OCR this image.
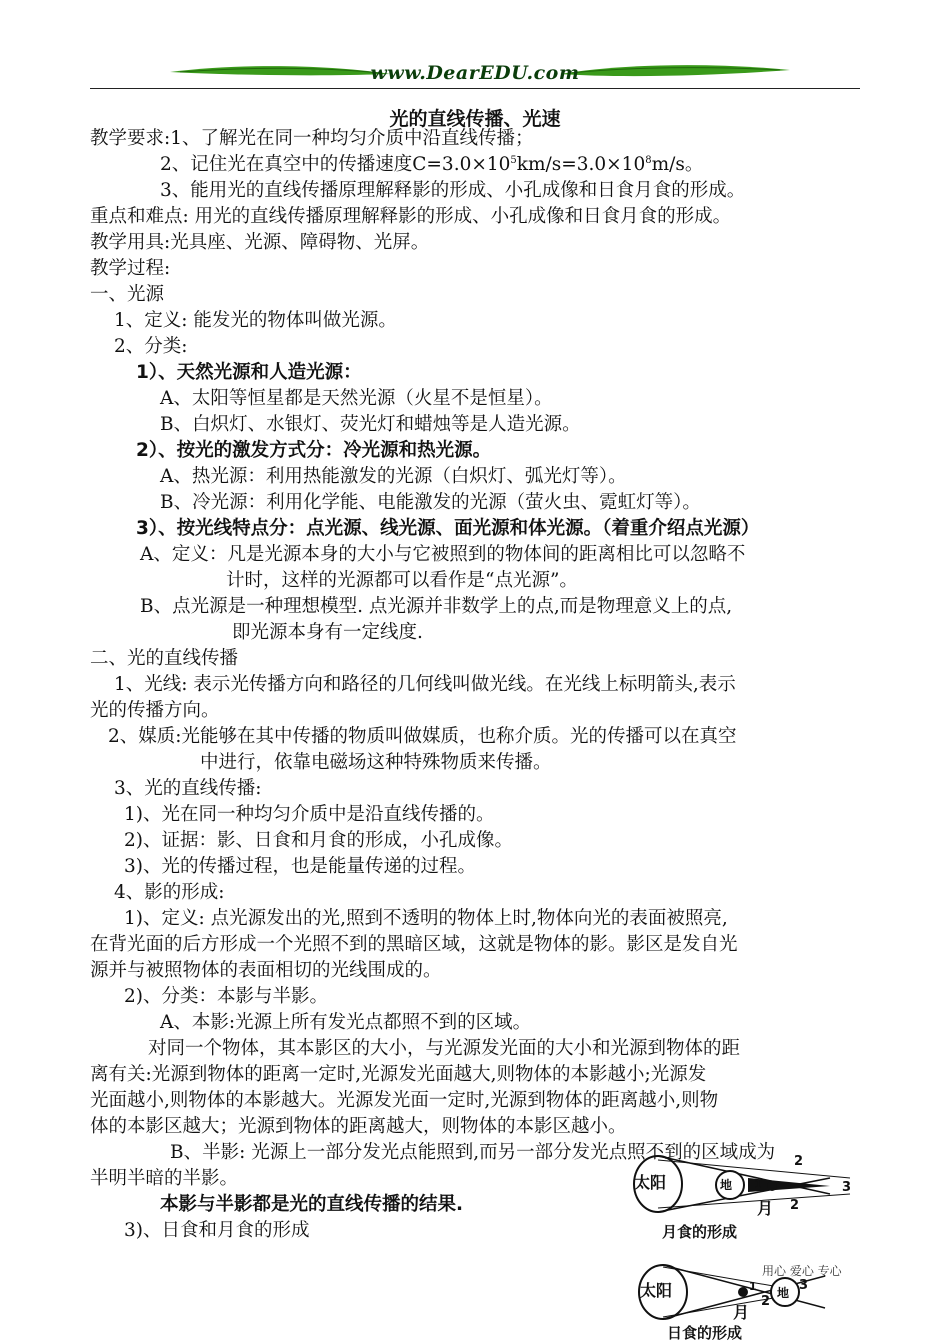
www.DearEDU.com
光的直线传播、光速
教学要求:1、了解光在同一种均匀介质中沿直线传播；
2、记住光在真空中的传播速度$C=3.0\times 10^5km/s=3.0\times 10^8m/s$。
3、能用光的直线传播原理解释影的形成、小孔成像和日食月食的形成。
重点和难点: 用光的直线传播原理解释影的形成、小孔成像和日食月食的形成。
教学用具:光具座、光源、障碍物、光屏。
教学过程:
一、光源
1、定义: 能发光的物体叫做光源。
2、分类:
1）、天然光源和人造光源：
A、太阳等恒星都是天然光源（火星不是恒星）。
B、白炽灯、水银灯、荧光灯和蜡烛等是人造光源。
2）、按光的激发方式分：冷光源和热光源。
A、热光源：利用热能激发的光源（白炽灯、弧光灯等）。
B、冷光源：利用化学能、电能激发的光源（萤火虫、霓虹灯等）。
3）、按光线特点分：点光源、线光源、面光源和体光源。（着重介绍点光源）
A、定义：凡是光源本身的大小与它被照到的物体间的距离相比可以忽略不
计时，这样的光源都可以看作是“点光源”。
B、点光源是一种理想模型. 点光源并非数学上的点,而是物理意义上的点,
即光源本身有一定线度.
二、光的直线传播
1、光线: 表示光传播方向和路径的几何线叫做光线。在光线上标明箭头,表示
光的传播方向。
2、媒质:光能够在其中传播的物质叫做媒质，也称介质。光的传播可以在真空
中进行，依靠电磁场这种特殊物质来传播。
3、光的直线传播:
1)、光在同一种均匀介质中是沿直线传播的。
2)、证据：影、日食和月食的形成，小孔成像。
3)、光的传播过程，也是能量传递的过程。
4、影的形成:
1)、定义: 点光源发出的光,照到不透明的物体上时,物体向光的表面被照亮,
在背光面的后方形成一个光照不到的黑暗区域，这就是物体的影。影区是发自光
源并与被照物体的表面相切的光线围成的。
2)、分类：本影与半影。
A、本影:光源上所有发光点都照不到的区域。
对同一个物体，其本影区的大小，与光源发光面的大小和光源到物体的距
离有关:光源到物体的距离一定时,光源发光面越大,则物体的本影越小;光源发
光面越小,则物体的本影越大。光源发光面一定时,光源到物体的距离越小,则物
体的本影区越大；光源到物体的距离越大，则物体的本影区越小。
B、半影: 光源上一部分发光点能照到,而另一部分发光点照不到的区域成为
半明半暗的半影。
本影与半影都是光的直线传播的结果.
3)、日食和月食的形成
太阳	地 1
2
月 2
3
月食的形成
用心 爱心 专心
太阳	地
1
2
月
3
日食的形成
